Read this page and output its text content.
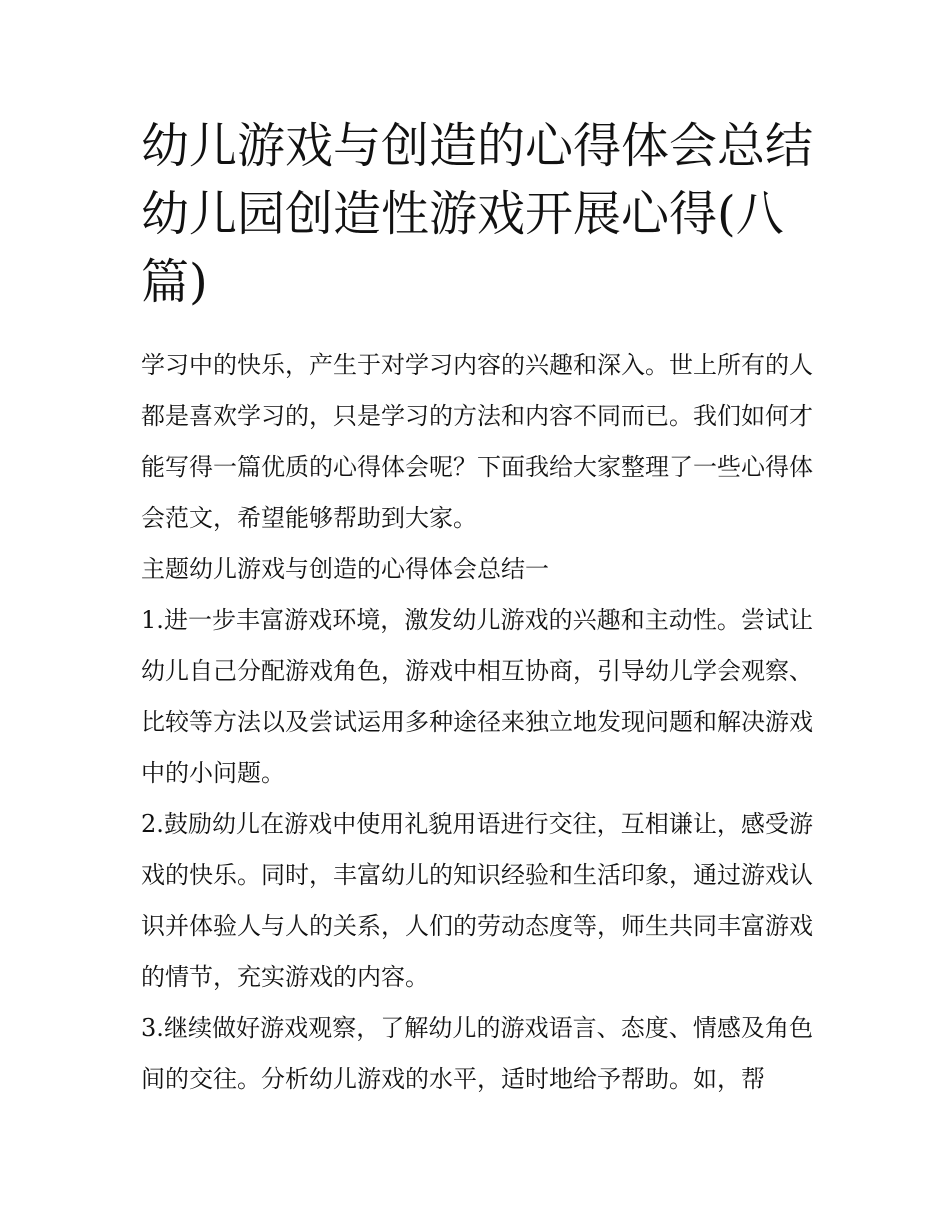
幼儿游戏与创造的心得体会总结 幼儿园创造性游戏开展心得(八篇)

学习中的快乐，产生于对学习内容的兴趣和深入。世上所有的人都是喜欢学习的，只是学习的方法和内容不同而已。我们如何才能写得一篇优质的心得体会呢？下面我给大家整理了一些心得体会范文，希望能够帮助到大家。

主题幼儿游戏与创造的心得体会总结一

1.进一步丰富游戏环境，激发幼儿游戏的兴趣和主动性。尝试让幼儿自己分配游戏角色，游戏中相互协商，引导幼儿学会观察、比较等方法以及尝试运用多种途径来独立地发现问题和解决游戏中的小问题。

2.鼓励幼儿在游戏中使用礼貌用语进行交往，互相谦让，感受游戏的快乐。同时，丰富幼儿的知识经验和生活印象，通过游戏认识并体验人与人的关系，人们的劳动态度等，师生共同丰富游戏的情节，充实游戏的内容。

3.继续做好游戏观察，了解幼儿的游戏语言、态度、情感及角色间的交往。分析幼儿游戏的水平，适时地给予帮助。如，帮
